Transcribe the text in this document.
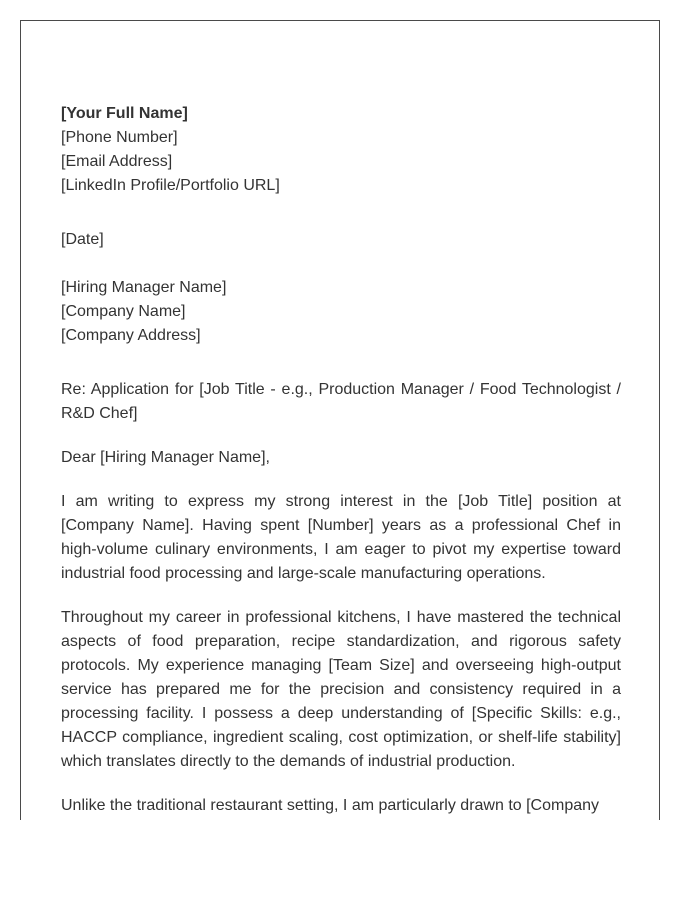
[Your Full Name]
[Phone Number]
[Email Address]
[LinkedIn Profile/Portfolio URL]
[Date]
[Hiring Manager Name]
[Company Name]
[Company Address]

Re: Application for [Job Title - e.g., Production Manager / Food Technologist / R&D Chef]

Dear [Hiring Manager Name],

I am writing to express my strong interest in the [Job Title] position at [Company Name]. Having spent [Number] years as a professional Chef in high-volume culinary environments, I am eager to pivot my expertise toward industrial food processing and large-scale manufacturing operations.

Throughout my career in professional kitchens, I have mastered the technical aspects of food preparation, recipe standardization, and rigorous safety protocols. My experience managing [Team Size] and overseeing high-output service has prepared me for the precision and consistency required in a processing facility. I possess a deep understanding of [Specific Skills: e.g., HACCP compliance, ingredient scaling, cost optimization, or shelf-life stability] which translates directly to the demands of industrial production.

Unlike the traditional restaurant setting, I am particularly drawn to [Company
